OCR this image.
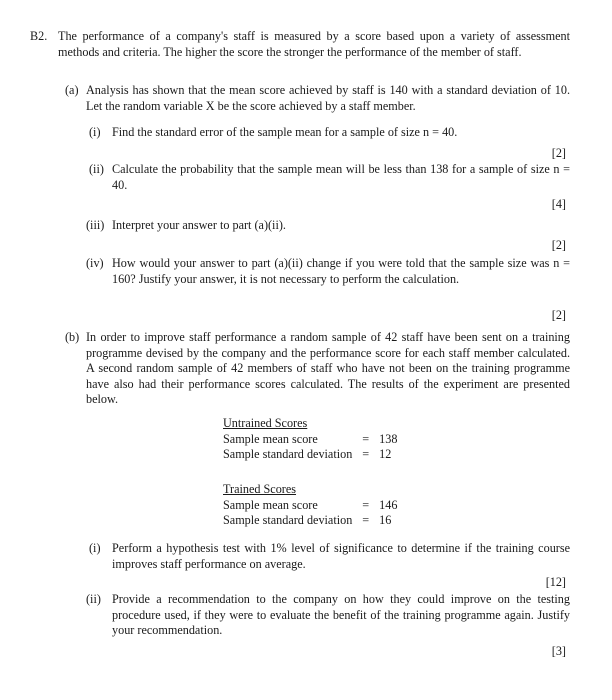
B2. The performance of a company's staff is measured by a score based upon a variety of assessment methods and criteria. The higher the score the stronger the performance of the member of staff.
(a) Analysis has shown that the mean score achieved by staff is 140 with a standard deviation of 10. Let the random variable X be the score achieved by a staff member.
(i) Find the standard error of the sample mean for a sample of size n = 40.
[2]
(ii) Calculate the probability that the sample mean will be less than 138 for a sample of size n = 40.
[4]
(iii) Interpret your answer to part (a)(ii).
[2]
(iv) How would your answer to part (a)(ii) change if you were told that the sample size was n = 160? Justify your answer, it is not necessary to perform the calculation.
[2]
(b) In order to improve staff performance a random sample of 42 staff have been sent on a training programme devised by the company and the performance score for each staff member calculated. A second random sample of 42 members of staff who have not been on the training programme have also had their performance scores calculated. The results of the experiment are presented below.
Untrained Scores
Sample mean score	=	138
Sample standard deviation	=	12
Trained Scores
Sample mean score	=	146
Sample standard deviation	=	16
(i) Perform a hypothesis test with 1% level of significance to determine if the training course improves staff performance on average.
[12]
(ii) Provide a recommendation to the company on how they could improve on the testing procedure used, if they were to evaluate the benefit of the training programme again. Justify your recommendation.
[3]
